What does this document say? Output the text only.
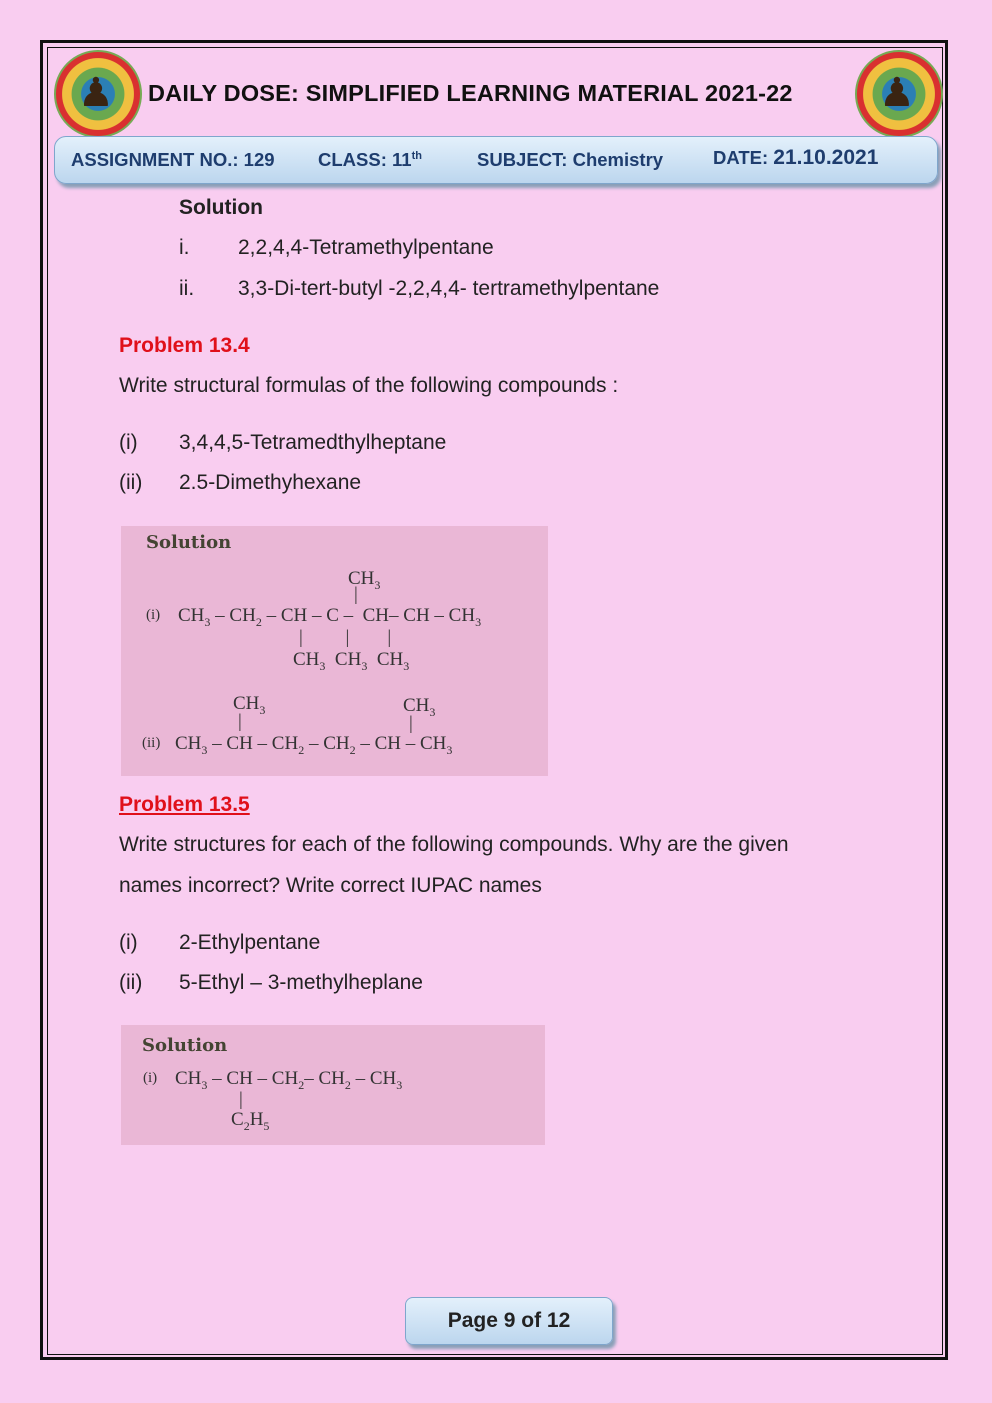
♟	♟
DAILY DOSE: SIMPLIFIED LEARNING MATERIAL 2021-22
ASSIGNMENT NO.: 129 CLASS: 11th	SUBJECT: Chemistry	DATE: 21.10.2021
Solution
i. 2,2,4,4-Tetramethylpentane
ii. 3,3-Di-tert-butyl -2,2,4,4- tertramethylpentane
Problem 13.4
Write structural formulas of the following compounds :
(i) 3,4,4,5-Tetramedthylheptane
(ii) 2.5-Dimethyhexane
Solution
$CH_3$
|
(i) $CH_3 - CH_2$ – CH – C –  CH– CH – $CH_3$
|         |        |
$CH_3$  $CH_3$  $CH_3$
$CH_3$	$CH_3$
|	|
(ii) $CH_3$ – CH – $CH_2 - CH_2$ – CH – $CH_3$
Problem 13.5
Write structures for each of the following compounds. Why are the given
names incorrect? Write correct IUPAC names
(i) 2-Ethylpentane
(ii) 5-Ethyl – 3-methylheplane
Solution
(i) $CH_3$ – CH – $CH_2-$ $CH_2 - CH_3$
|
$C_2H_5$
Page 9 of 12
